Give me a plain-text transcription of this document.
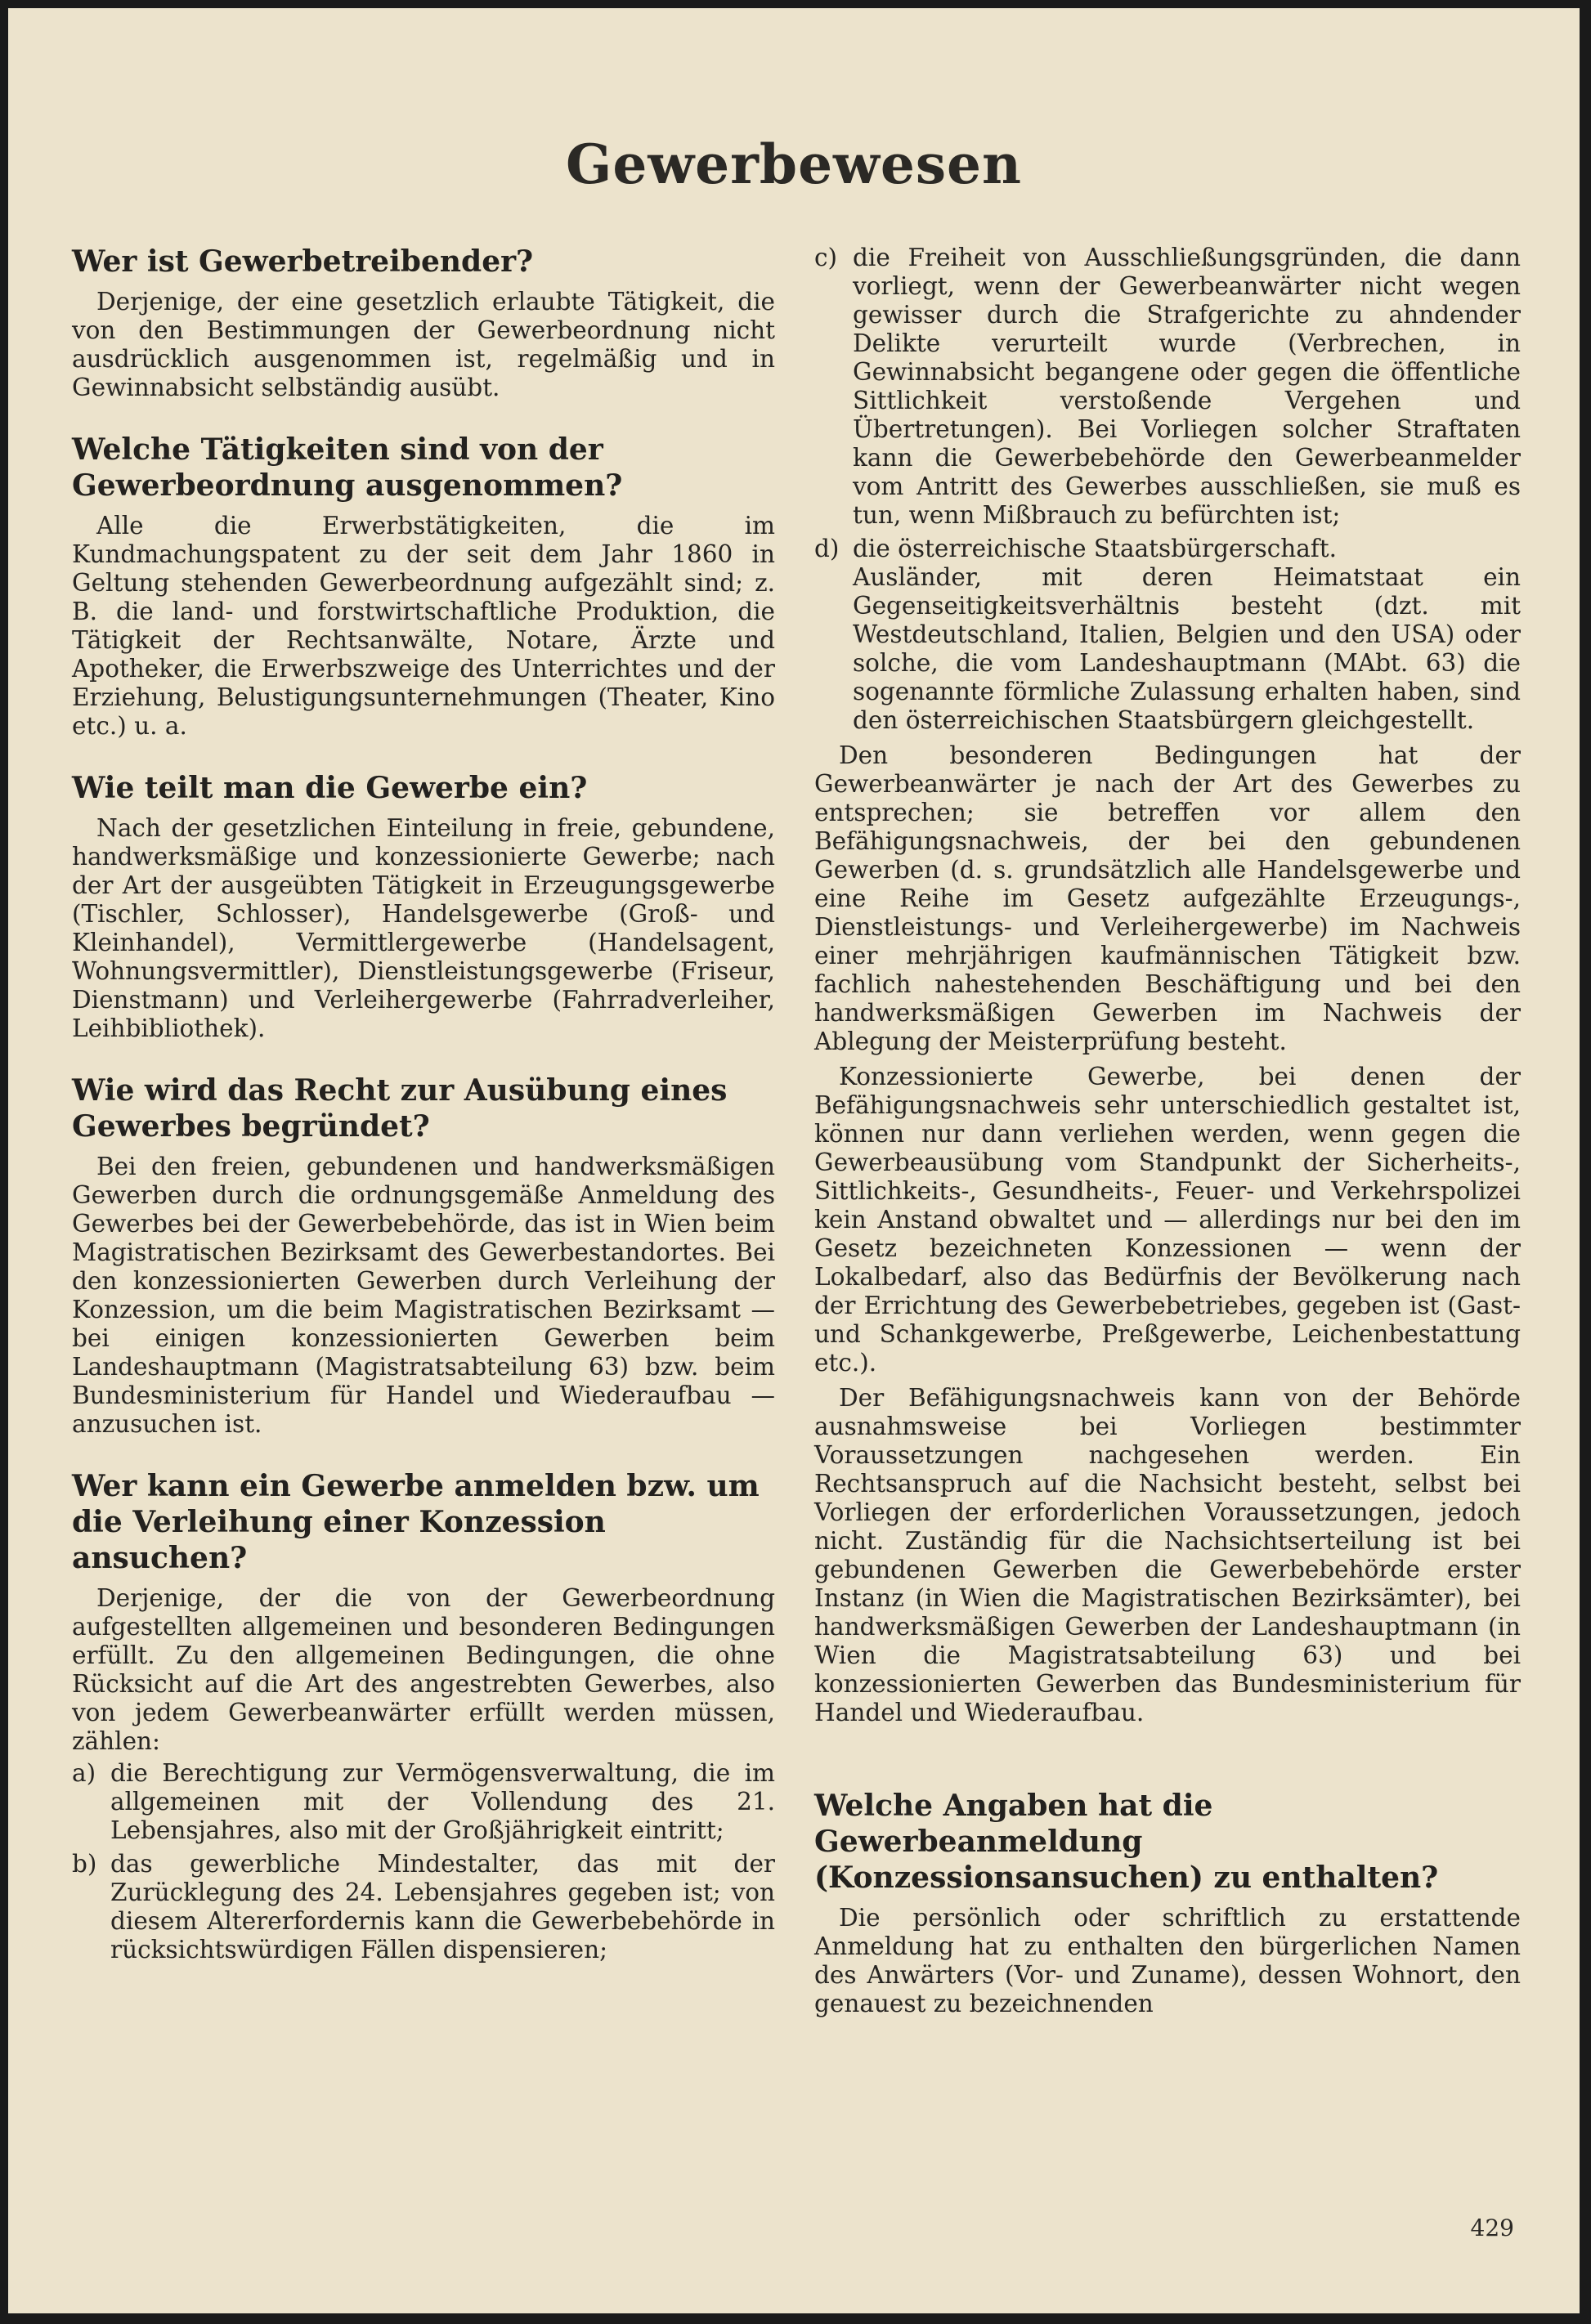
Gewerbewesen
Wer ist Gewerbetreibender?

Derjenige, der eine gesetzlich erlaubte Tätigkeit, die von den Bestimmungen der Gewerbeordnung nicht ausdrücklich ausgenommen ist, regelmäßig und in Gewinnabsicht selbständig ausübt.

Welche Tätigkeiten sind von der Gewerbeordnung ausgenommen?

Alle die Erwerbstätigkeiten, die im Kundmachungspatent zu der seit dem Jahr 1860 in Geltung stehenden Gewerbeordnung aufgezählt sind; z. B. die land- und forstwirtschaftliche Produktion, die Tätigkeit der Rechtsanwälte, Notare, Ärzte und Apotheker, die Erwerbszweige des Unterrichtes und der Erziehung, Belustigungsunternehmungen (Theater, Kino etc.) u. a.

Wie teilt man die Gewerbe ein?

Nach der gesetzlichen Einteilung in freie, gebundene, handwerksmäßige und konzessionierte Gewerbe; nach der Art der ausgeübten Tätigkeit in Erzeugungsgewerbe (Tischler, Schlosser), Handelsgewerbe (Groß- und Kleinhandel), Vermittlergewerbe (Handelsagent, Wohnungsvermittler), Dienstleistungsgewerbe (Friseur, Dienstmann) und Verleihergewerbe (Fahrradverleiher, Leihbibliothek).

Wie wird das Recht zur Ausübung eines Gewerbes begründet?

Bei den freien, gebundenen und handwerksmäßigen Gewerben durch die ordnungsgemäße Anmeldung des Gewerbes bei der Gewerbebehörde, das ist in Wien beim Magistratischen Bezirksamt des Gewerbestandortes. Bei den konzessionierten Gewerben durch Verleihung der Konzession, um die beim Magistratischen Bezirksamt — bei einigen konzessionierten Gewerben beim Landeshauptmann (Magistratsabteilung 63) bzw. beim Bundesministerium für Handel und Wiederaufbau — anzusuchen ist.

Wer kann ein Gewerbe anmelden bzw. um die Verleihung einer Konzession ansuchen?

Derjenige, der die von der Gewerbeordnung aufgestellten allgemeinen und besonderen Bedingungen erfüllt. Zu den allgemeinen Bedingungen, die ohne Rücksicht auf die Art des angestrebten Gewerbes, also von jedem Gewerbeanwärter erfüllt werden müssen, zählen:

a) die Berechtigung zur Vermögensverwaltung, die im allgemeinen mit der Vollendung des 21. Lebensjahres, also mit der Großjährigkeit eintritt;
b) das gewerbliche Mindestalter, das mit der Zurücklegung des 24. Lebensjahres gegeben ist; von diesem Altererfordernis kann die Gewerbebehörde in rücksichtswürdigen Fällen dispensieren;
c) die Freiheit von Ausschließungsgründen, die dann vorliegt, wenn der Gewerbeanwärter nicht wegen gewisser durch die Strafgerichte zu ahndender Delikte verurteilt wurde (Verbrechen, in Gewinnabsicht begangene oder gegen die öffentliche Sittlichkeit verstoßende Vergehen und Übertretungen). Bei Vorliegen solcher Straftaten kann die Gewerbebehörde den Gewerbeanmelder vom Antritt des Gewerbes ausschließen, sie muß es tun, wenn Mißbrauch zu befürchten ist;
d) die österreichische Staatsbürgerschaft.

Ausländer, mit deren Heimatstaat ein Gegenseitigkeitsverhältnis besteht (dzt. mit Westdeutschland, Italien, Belgien und den USA) oder solche, die vom Landeshauptmann (MAbt. 63) die sogenannte förmliche Zulassung erhalten haben, sind den österreichischen Staatsbürgern gleichgestellt.

Den besonderen Bedingungen hat der Gewerbeanwärter je nach der Art des Gewerbes zu entsprechen; sie betreffen vor allem den Befähigungsnachweis, der bei den gebundenen Gewerben (d. s. grundsätzlich alle Handelsgewerbe und eine Reihe im Gesetz aufgezählte Erzeugungs-, Dienstleistungs- und Verleihergewerbe) im Nachweis einer mehrjährigen kaufmännischen Tätigkeit bzw. fachlich nahestehenden Beschäftigung und bei den handwerksmäßigen Gewerben im Nachweis der Ablegung der Meisterprüfung besteht.

Konzessionierte Gewerbe, bei denen der Befähigungsnachweis sehr unterschiedlich gestaltet ist, können nur dann verliehen werden, wenn gegen die Gewerbeausübung vom Standpunkt der Sicherheits-, Sittlichkeits-, Gesundheits-, Feuer- und Verkehrspolizei kein Anstand obwaltet und — allerdings nur bei den im Gesetz bezeichneten Konzessionen — wenn der Lokalbedarf, also das Bedürfnis der Bevölkerung nach der Errichtung des Gewerbebetriebes, gegeben ist (Gast- und Schankgewerbe, Preßgewerbe, Leichenbestattung etc.).

Der Befähigungsnachweis kann von der Behörde ausnahmsweise bei Vorliegen bestimmter Voraussetzungen nachgesehen werden. Ein Rechtsanspruch auf die Nachsicht besteht, selbst bei Vorliegen der erforderlichen Voraussetzungen, jedoch nicht. Zuständig für die Nachsichtserteilung ist bei gebundenen Gewerben die Gewerbebehörde erster Instanz (in Wien die Magistratischen Bezirksämter), bei handwerksmäßigen Gewerben der Landeshauptmann (in Wien die Magistratsabteilung 63) und bei konzessionierten Gewerben das Bundesministerium für Handel und Wiederaufbau.

Welche Angaben hat die Gewerbeanmeldung (Konzessionsansuchen) zu enthalten?

Die persönlich oder schriftlich zu erstattende Anmeldung hat zu enthalten den bürgerlichen Namen des Anwärters (Vor- und Zuname), dessen Wohnort, den genauest zu bezeichnenden

429
